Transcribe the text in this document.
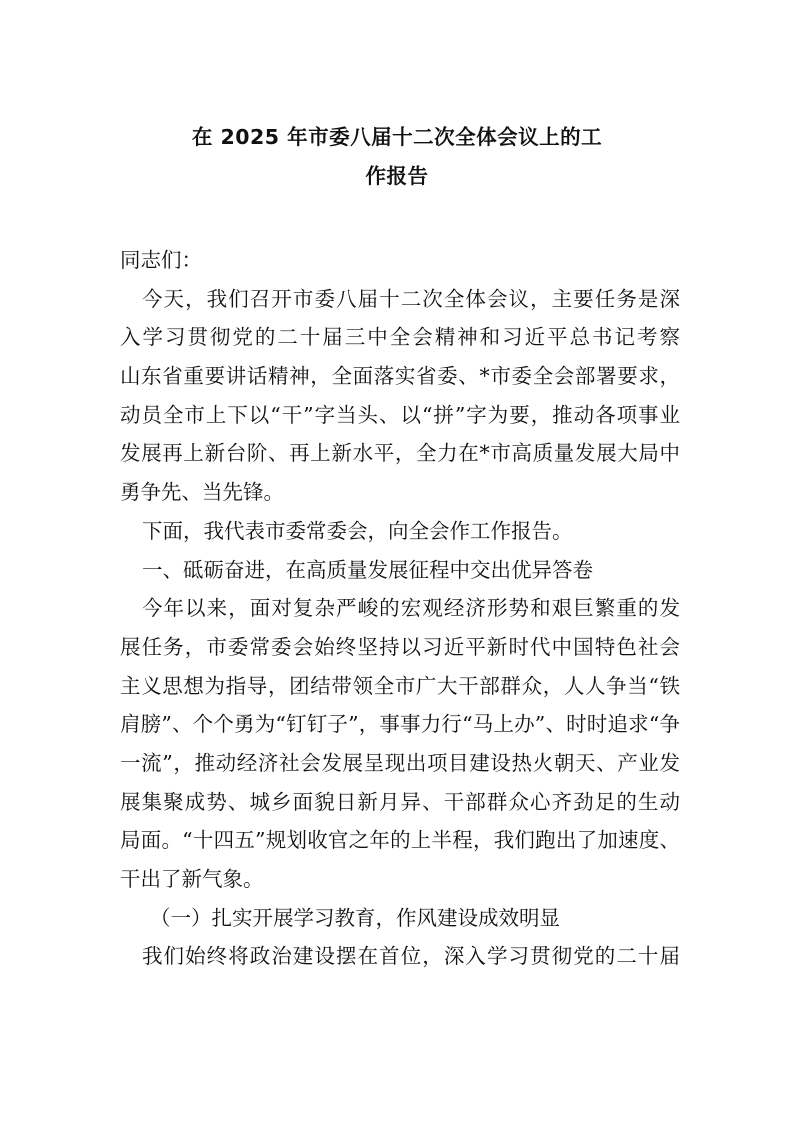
在 2025 年市委八届十二次全体会议上的工
作报告
同志们：
今天，我们召开市委八届十二次全体会议，主要任务是深
入学习贯彻党的二十届三中全会精神和习近平总书记考察
山东省重要讲话精神，全面落实省委、*市委全会部署要求，
动员全市上下以“干”字当头、以“拼”字为要，推动各项事业
发展再上新台阶、再上新水平，全力在*市高质量发展大局中
勇争先、当先锋。
下面，我代表市委常委会，向全会作工作报告。
一、砥砺奋进，在高质量发展征程中交出优异答卷
今年以来，面对复杂严峻的宏观经济形势和艰巨繁重的发
展任务，市委常委会始终坚持以习近平新时代中国特色社会
主义思想为指导，团结带领全市广大干部群众，人人争当“铁
肩膀”、个个勇为“钉钉子”，事事力行“马上办”、时时追求“争
一流”，推动经济社会发展呈现出项目建设热火朝天、产业发
展集聚成势、城乡面貌日新月异、干部群众心齐劲足的生动
局面。“十四五”规划收官之年的上半程，我们跑出了加速度、
干出了新气象。
（一）扎实开展学习教育，作风建设成效明显
我们始终将政治建设摆在首位，深入学习贯彻党的二十届
